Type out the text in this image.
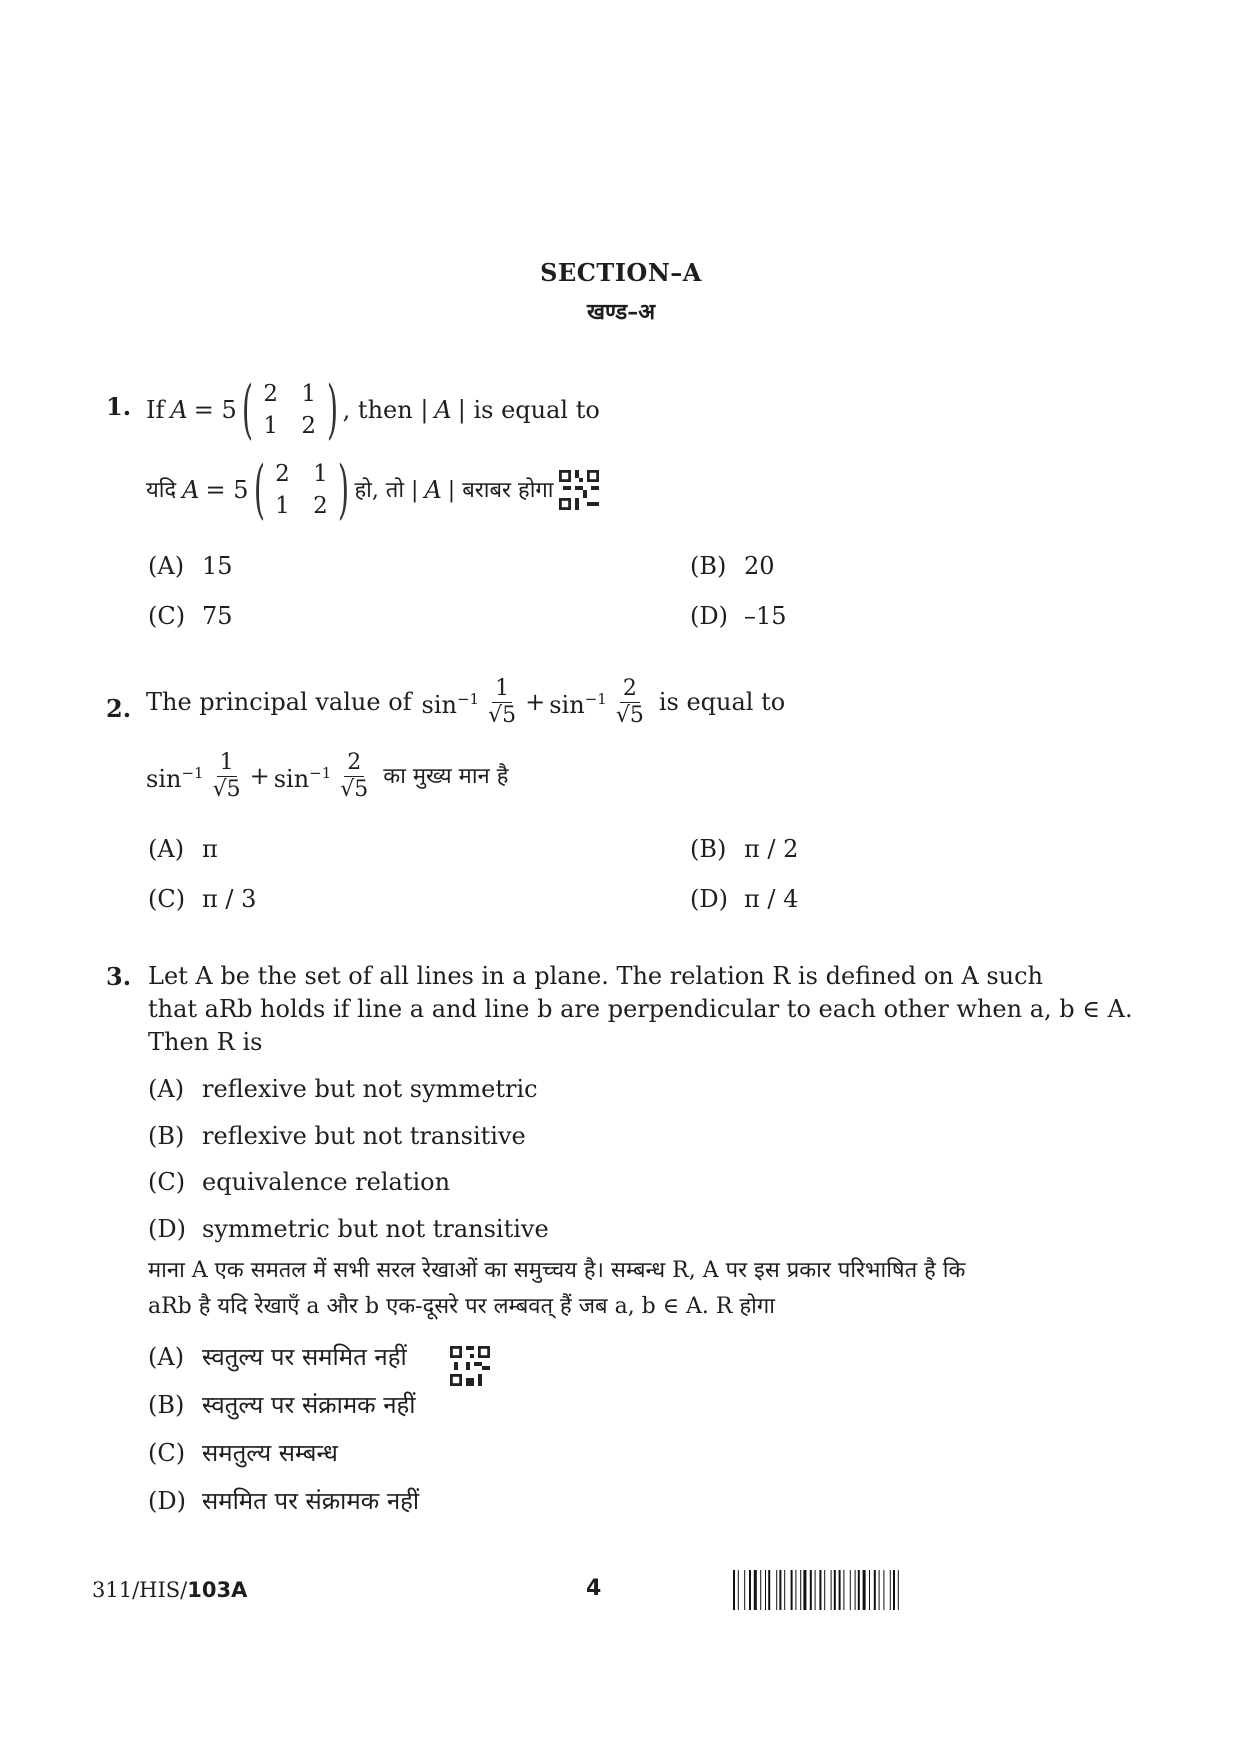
SECTION–A
खण्ड–अ
1. If A = 5 ( 2	1
1	2 ) , then | A | is equal to
यदि A = 5 ( 2	1
1	2 ) हो, तो | A | बराबर होगा
(A) 15	(B) 20
(C) 75	(D) –15
2. The principal value of $\sin^{-1} \frac{1}{√5} + \sin^{-1} \frac{2}{√5}$ is equal to
$\sin^{-1} \frac{1}{√5} + \sin^{-1} \frac{2}{√5}$ का मुख्य मान है
(A) π	(B) π / 2
(C) π / 3	(D) π / 4
3. Let A be the set of all lines in a plane. The relation R is defined on A such
that aRb holds if line a and line b are perpendicular to each other when a, b ∈ A.
Then R is
(A) reflexive but not symmetric
(B) reflexive but not transitive
(C) equivalence relation
(D) symmetric but not transitive
माना A एक समतल में सभी सरल रेखाओं का समुच्चय है। सम्बन्ध R, A पर इस प्रकार परिभाषित है कि
aRb है यदि रेखाएँ a और b एक-दूसरे पर लम्बवत् हैं जब a, b ∈ A. R होगा
(A) स्वतुल्य पर सममित नहीं
(B) स्वतुल्य पर संक्रामक नहीं
(C) समतुल्य सम्बन्ध
(D) सममित पर संक्रामक नहीं
311/HIS/103A	4
